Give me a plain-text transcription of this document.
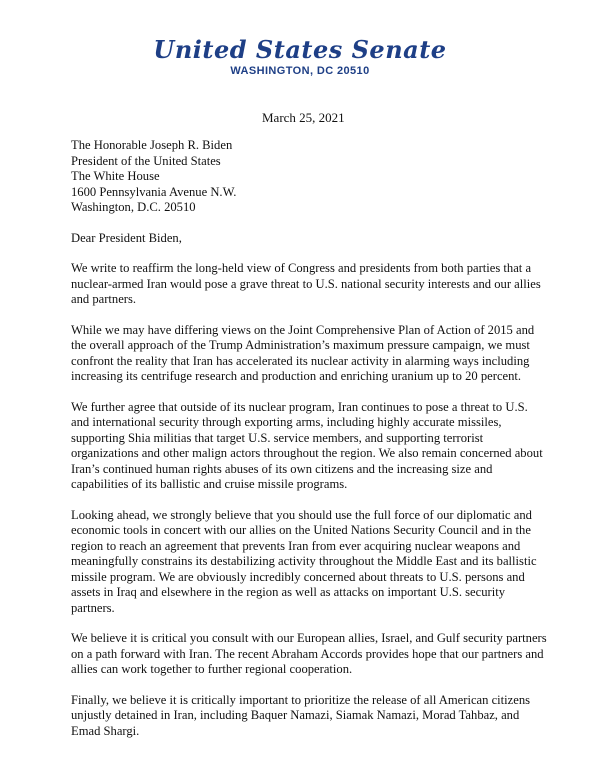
United States Senate
WASHINGTON, DC 20510
March 25, 2021
The Honorable Joseph R. Biden
President of the United States
The White House
1600 Pennsylvania Avenue N.W.
Washington, D.C. 20510
Dear President Biden,

We write to reaffirm the long-held view of Congress and presidents from both parties that a nuclear-armed Iran would pose a grave threat to U.S. national security interests and our allies and partners.

While we may have differing views on the Joint Comprehensive Plan of Action of 2015 and the overall approach of the Trump Administration’s maximum pressure campaign, we must confront the reality that Iran has accelerated its nuclear activity in alarming ways including increasing its centrifuge research and production and enriching uranium up to 20 percent.

We further agree that outside of its nuclear program, Iran continues to pose a threat to U.S. and international security through exporting arms, including highly accurate missiles, supporting Shia militias that target U.S. service members, and supporting terrorist organizations and other malign actors throughout the region. We also remain concerned about Iran’s continued human rights abuses of its own citizens and the increasing size and capabilities of its ballistic and cruise missile programs.

Looking ahead, we strongly believe that you should use the full force of our diplomatic and economic tools in concert with our allies on the United Nations Security Council and in the region to reach an agreement that prevents Iran from ever acquiring nuclear weapons and meaningfully constrains its destabilizing activity throughout the Middle East and its ballistic missile program. We are obviously incredibly concerned about threats to U.S. persons and assets in Iraq and elsewhere in the region as well as attacks on important U.S. security partners.

We believe it is critical you consult with our European allies, Israel, and Gulf security partners on a path forward with Iran. The recent Abraham Accords provides hope that our partners and allies can work together to further regional cooperation.

Finally, we believe it is critically important to prioritize the release of all American citizens unjustly detained in Iran, including Baquer Namazi, Siamak Namazi, Morad Tahbaz, and Emad Shargi.
